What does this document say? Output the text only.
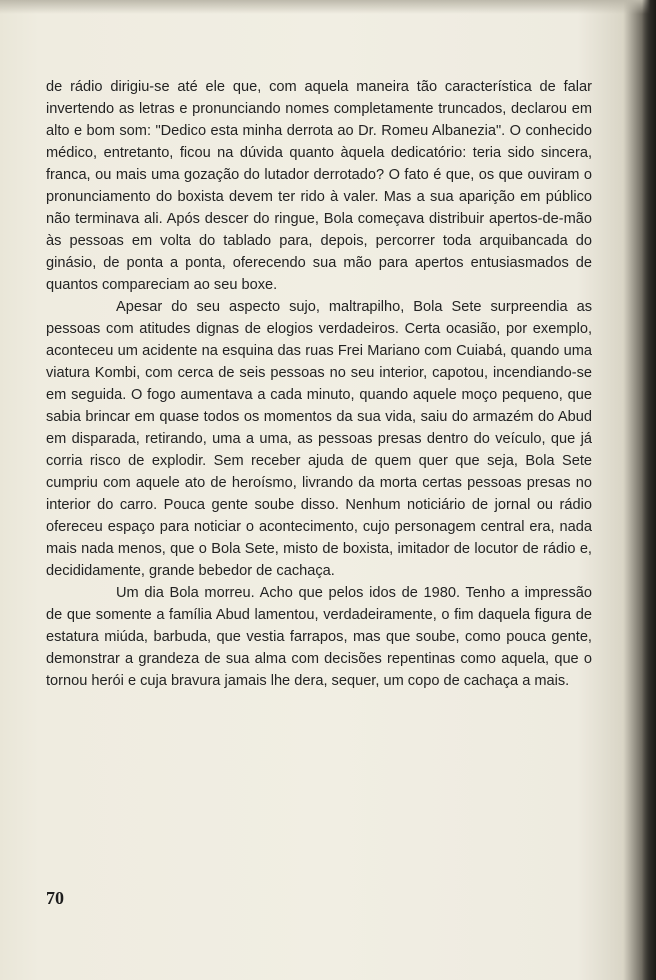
de rádio dirigiu-se até ele que, com aquela maneira tão característica de falar invertendo as letras e pronunciando nomes completamente truncados, declarou em alto e bom som: "Dedico esta minha derrota ao Dr. Romeu Albanezia". O conhecido médico, entretanto, ficou na dúvida quanto àquela dedicatório: teria sido sincera, franca, ou mais uma gozação do lutador derrotado? O fato é que, os que ouviram o pronunciamento do boxista devem ter rido à valer. Mas a sua aparição em público não terminava ali. Após descer do ringue, Bola começava distribuir apertos-de-mão às pessoas em volta do tablado para, depois, percorrer toda arquibancada do ginásio, de ponta a ponta, oferecendo sua mão para apertos entusiasmados de quantos compareciam ao seu boxe.

Apesar do seu aspecto sujo, maltrapilho, Bola Sete surpreendia as pessoas com atitudes dignas de elogios verdadeiros. Certa ocasião, por exemplo, aconteceu um acidente na esquina das ruas Frei Mariano com Cuiabá, quando uma viatura Kombi, com cerca de seis pessoas no seu interior, capotou, incendiando-se em seguida. O fogo aumentava a cada minuto, quando aquele moço pequeno, que sabia brincar em quase todos os momentos da sua vida, saiu do armazém do Abud em disparada, retirando, uma a uma, as pessoas presas dentro do veículo, que já corria risco de explodir. Sem receber ajuda de quem quer que seja, Bola Sete cumpriu com aquele ato de heroísmo, livrando da morta certas pessoas presas no interior do carro. Pouca gente soube disso. Nenhum noticiário de jornal ou rádio ofereceu espaço para noticiar o acontecimento, cujo personagem central era, nada mais nada menos, que o Bola Sete, misto de boxista, imitador de locutor de rádio e, decididamente, grande bebedor de cachaça.

Um dia Bola morreu. Acho que pelos idos de 1980. Tenho a impressão de que somente a família Abud lamentou, verdadeiramente, o fim daquela figura de estatura miúda, barbuda, que vestia farrapos, mas que soube, como pouca gente, demonstrar a grandeza de sua alma com decisões repentinas como aquela, que o tornou herói e cuja bravura jamais lhe dera, sequer, um copo de cachaça a mais.

70
